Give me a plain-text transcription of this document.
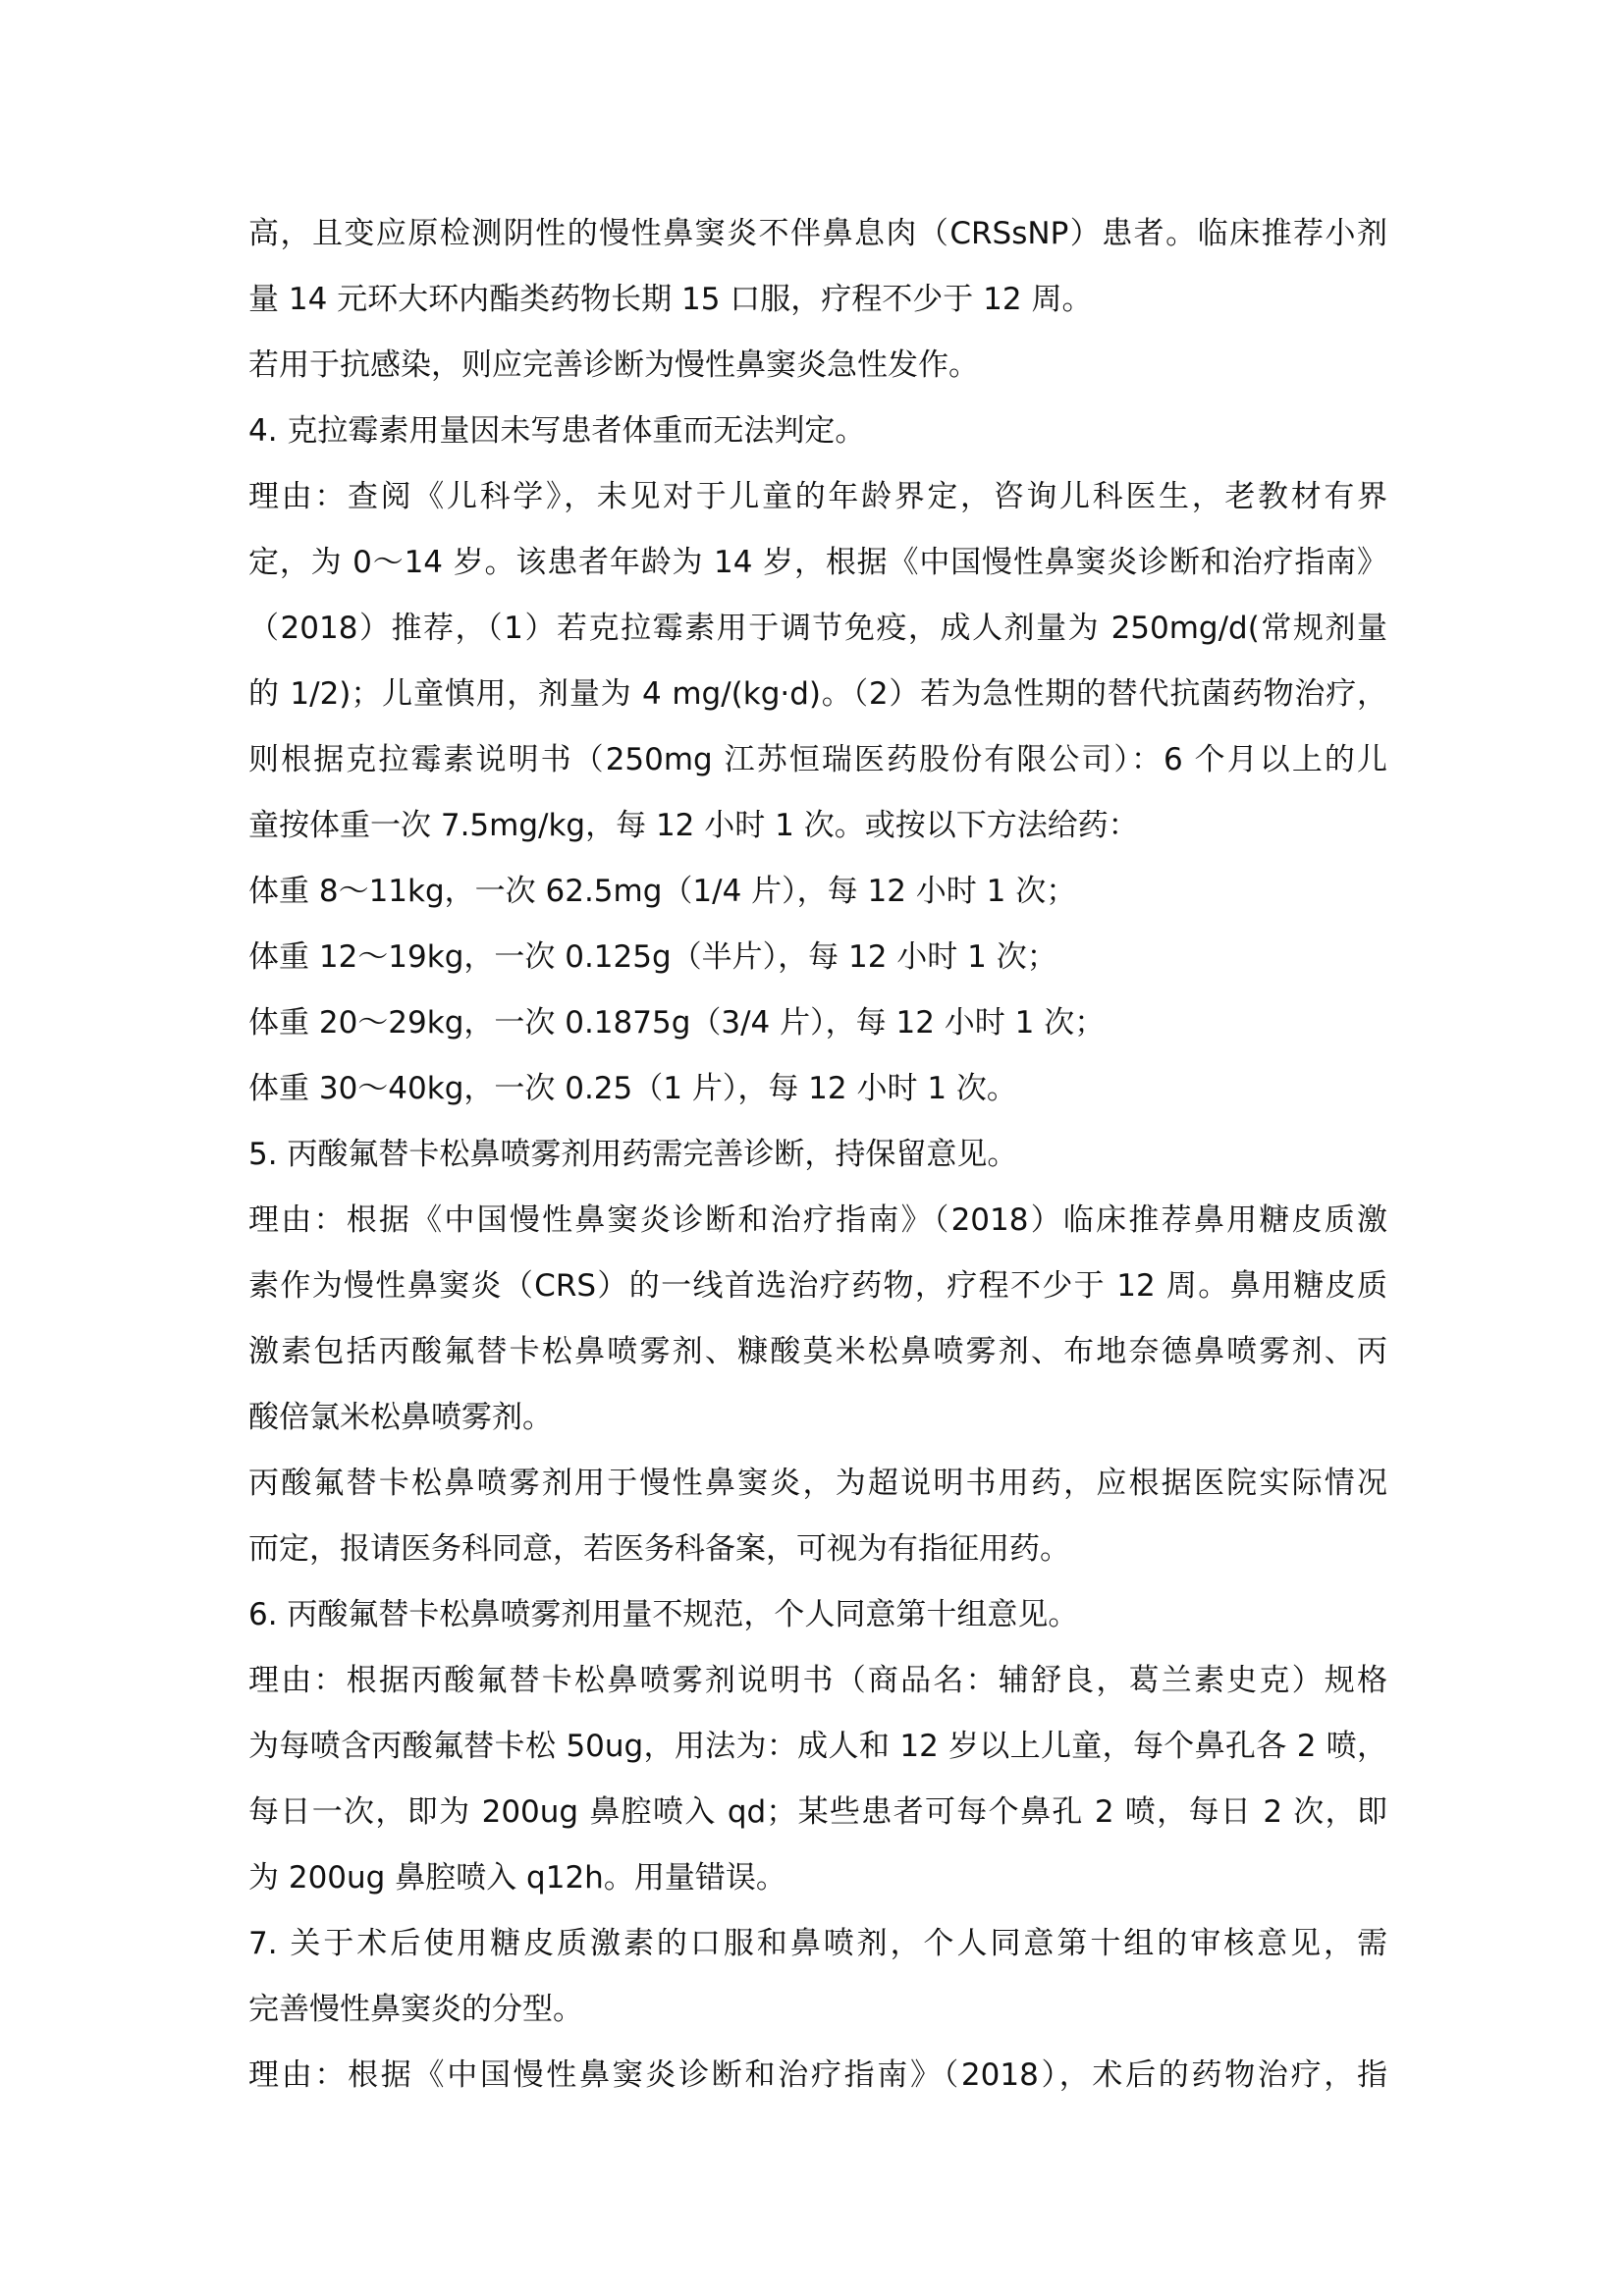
高，且变应原检测阴性的慢性鼻窦炎不伴鼻息肉（CRSsNP）患者。临床推荐小剂
量 14 元环大环内酯类药物长期 15 口服，疗程不少于 12 周。
若用于抗感染，则应完善诊断为慢性鼻窦炎急性发作。
4. 克拉霉素用量因未写患者体重而无法判定。
理由：查阅《儿科学》，未见对于儿童的年龄界定，咨询儿科医生，老教材有界
定，为 0～14 岁。该患者年龄为 14 岁，根据《中国慢性鼻窦炎诊断和治疗指南》
（2018）推荐，（1）若克拉霉素用于调节免疫，成人剂量为 250mg/d(常规剂量
的 1/2)；儿童慎用，剂量为 4 mg/(kg·d)。（2）若为急性期的替代抗菌药物治疗，
则根据克拉霉素说明书（250mg 江苏恒瑞医药股份有限公司）：6 个月以上的儿
童按体重一次 7.5mg/kg，每 12 小时 1 次。或按以下方法给药：
体重 8～11kg，一次 62.5mg（1/4 片），每 12 小时 1 次；
体重 12～19kg，一次 0.125g（半片），每 12 小时 1 次；
体重 20～29kg，一次 0.1875g（3/4 片），每 12 小时 1 次；
体重 30～40kg，一次 0.25（1 片），每 12 小时 1 次。
5. 丙酸氟替卡松鼻喷雾剂用药需完善诊断，持保留意见。
理由：根据《中国慢性鼻窦炎诊断和治疗指南》（2018）临床推荐鼻用糖皮质激
素作为慢性鼻窦炎（CRS）的一线首选治疗药物，疗程不少于 12 周。鼻用糖皮质
激素包括丙酸氟替卡松鼻喷雾剂、糠酸莫米松鼻喷雾剂、布地奈德鼻喷雾剂、丙
酸倍氯米松鼻喷雾剂。
丙酸氟替卡松鼻喷雾剂用于慢性鼻窦炎，为超说明书用药，应根据医院实际情况
而定，报请医务科同意，若医务科备案，可视为有指征用药。
6. 丙酸氟替卡松鼻喷雾剂用量不规范，个人同意第十组意见。
理由：根据丙酸氟替卡松鼻喷雾剂说明书（商品名：辅舒良，葛兰素史克）规格
为每喷含丙酸氟替卡松 50ug，用法为：成人和 12 岁以上儿童，每个鼻孔各 2 喷，
每日一次，即为 200ug 鼻腔喷入 qd；某些患者可每个鼻孔 2 喷，每日 2 次，即
为 200ug 鼻腔喷入 q12h。用量错误。
7. 关于术后使用糖皮质激素的口服和鼻喷剂，个人同意第十组的审核意见，需
完善慢性鼻窦炎的分型。
理由：根据《中国慢性鼻窦炎诊断和治疗指南》（2018），术后的药物治疗，指
